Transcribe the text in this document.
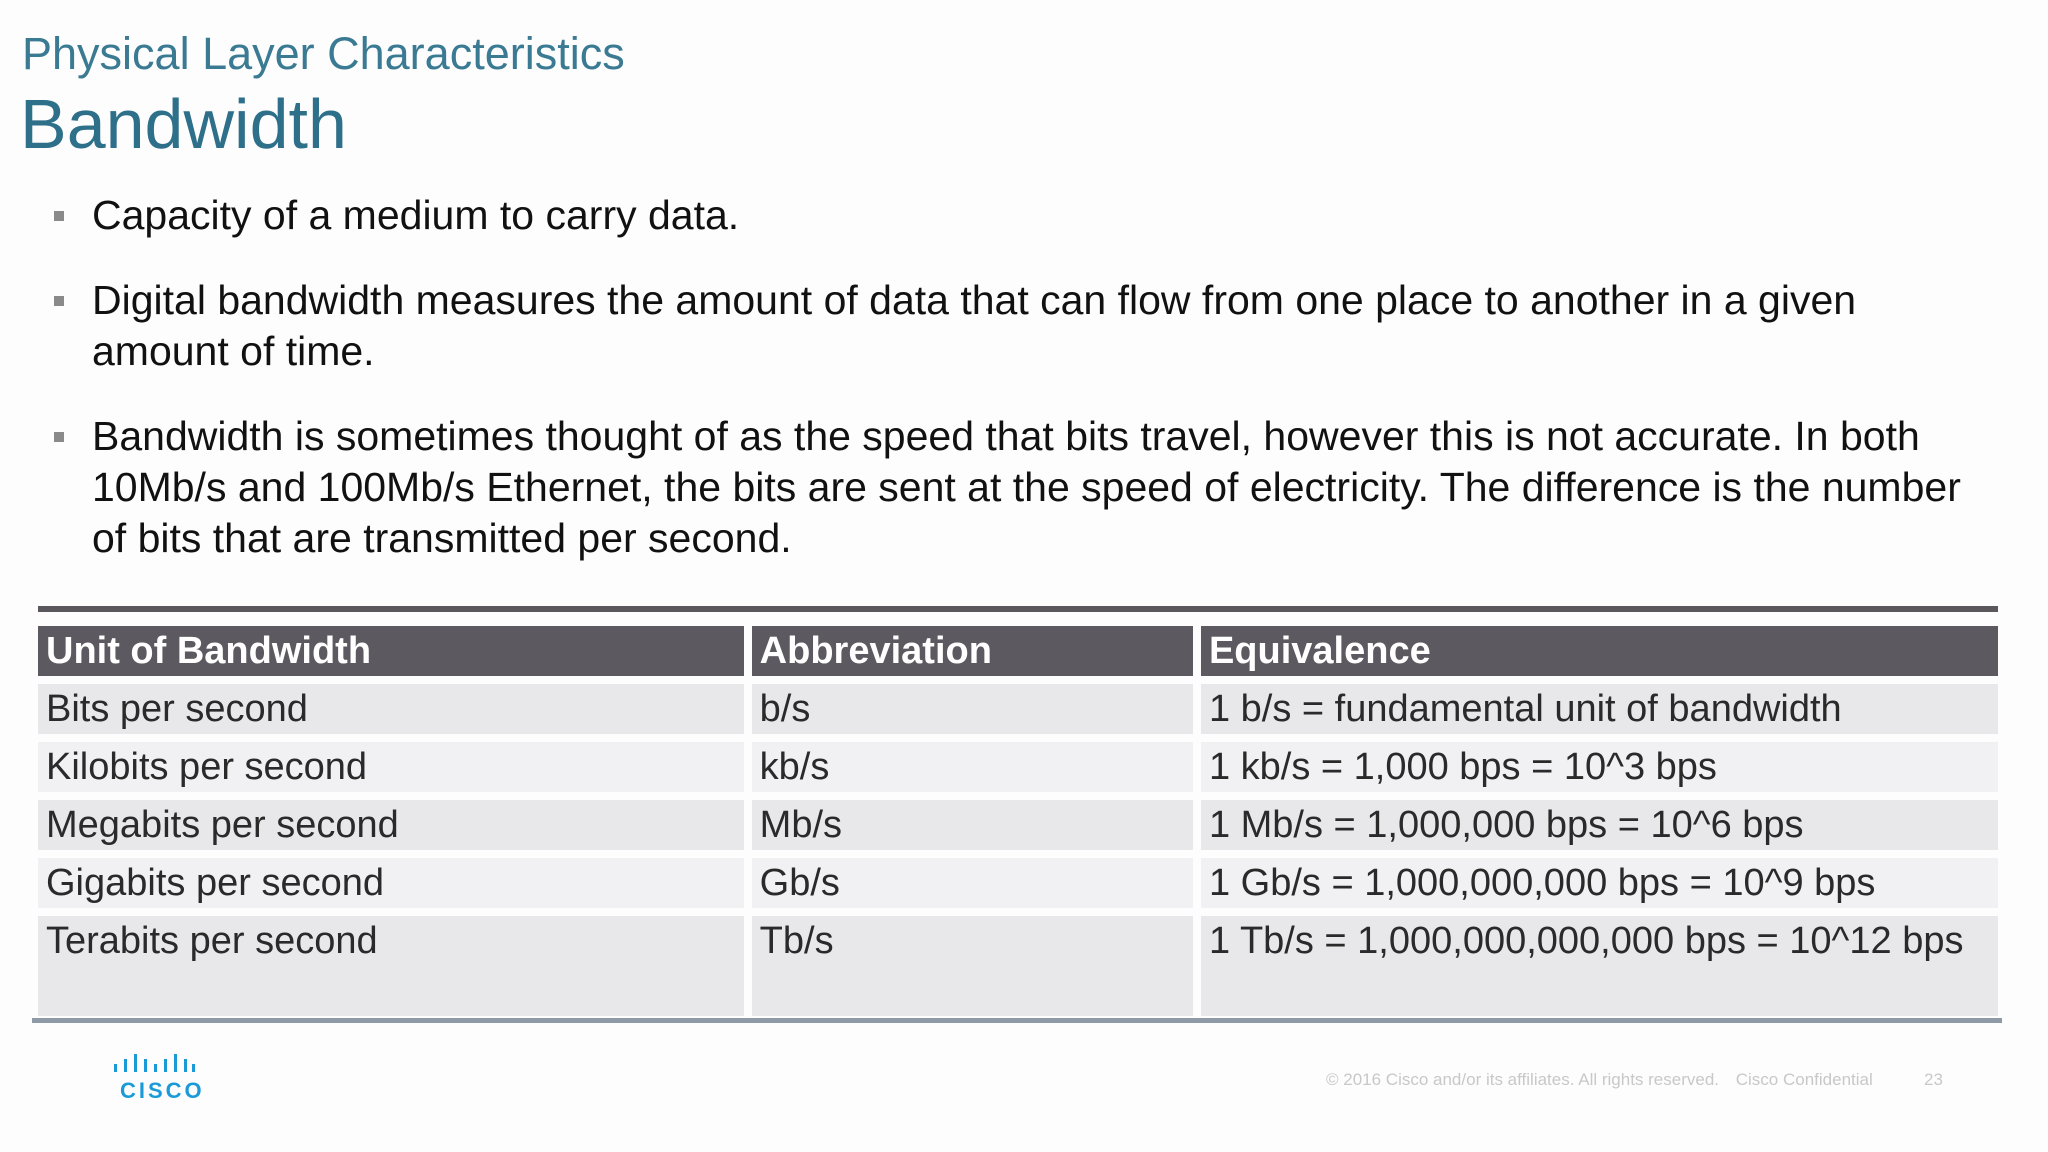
Physical Layer Characteristics
Bandwidth
Capacity of a medium to carry data.
Digital bandwidth measures the amount of data that can flow from one place to another in a given amount of time.
Bandwidth is sometimes thought of as the speed that bits travel, however this is not accurate. In both 10Mb/s and 100Mb/s Ethernet, the bits are sent at the speed of electricity. The difference is the number of bits that are transmitted per second.
Unit of Bandwidth	Abbreviation	Equivalence
Bits per second	b/s	1 b/s = fundamental unit of bandwidth
Kilobits per second	kb/s	1 kb/s = 1,000 bps = 10^3 bps
Megabits per second	Mb/s	1 Mb/s = 1,000,000 bps = 10^6 bps
Gigabits per second	Gb/s	1 Gb/s = 1,000,000,000 bps = 10^9 bps
Terabits per second	Tb/s	1 Tb/s = 1,000,000,000,000 bps = 10^12 bps
CISCO	© 2016 Cisco and/or its affiliates. All rights reserved. Cisco Confidential	23
